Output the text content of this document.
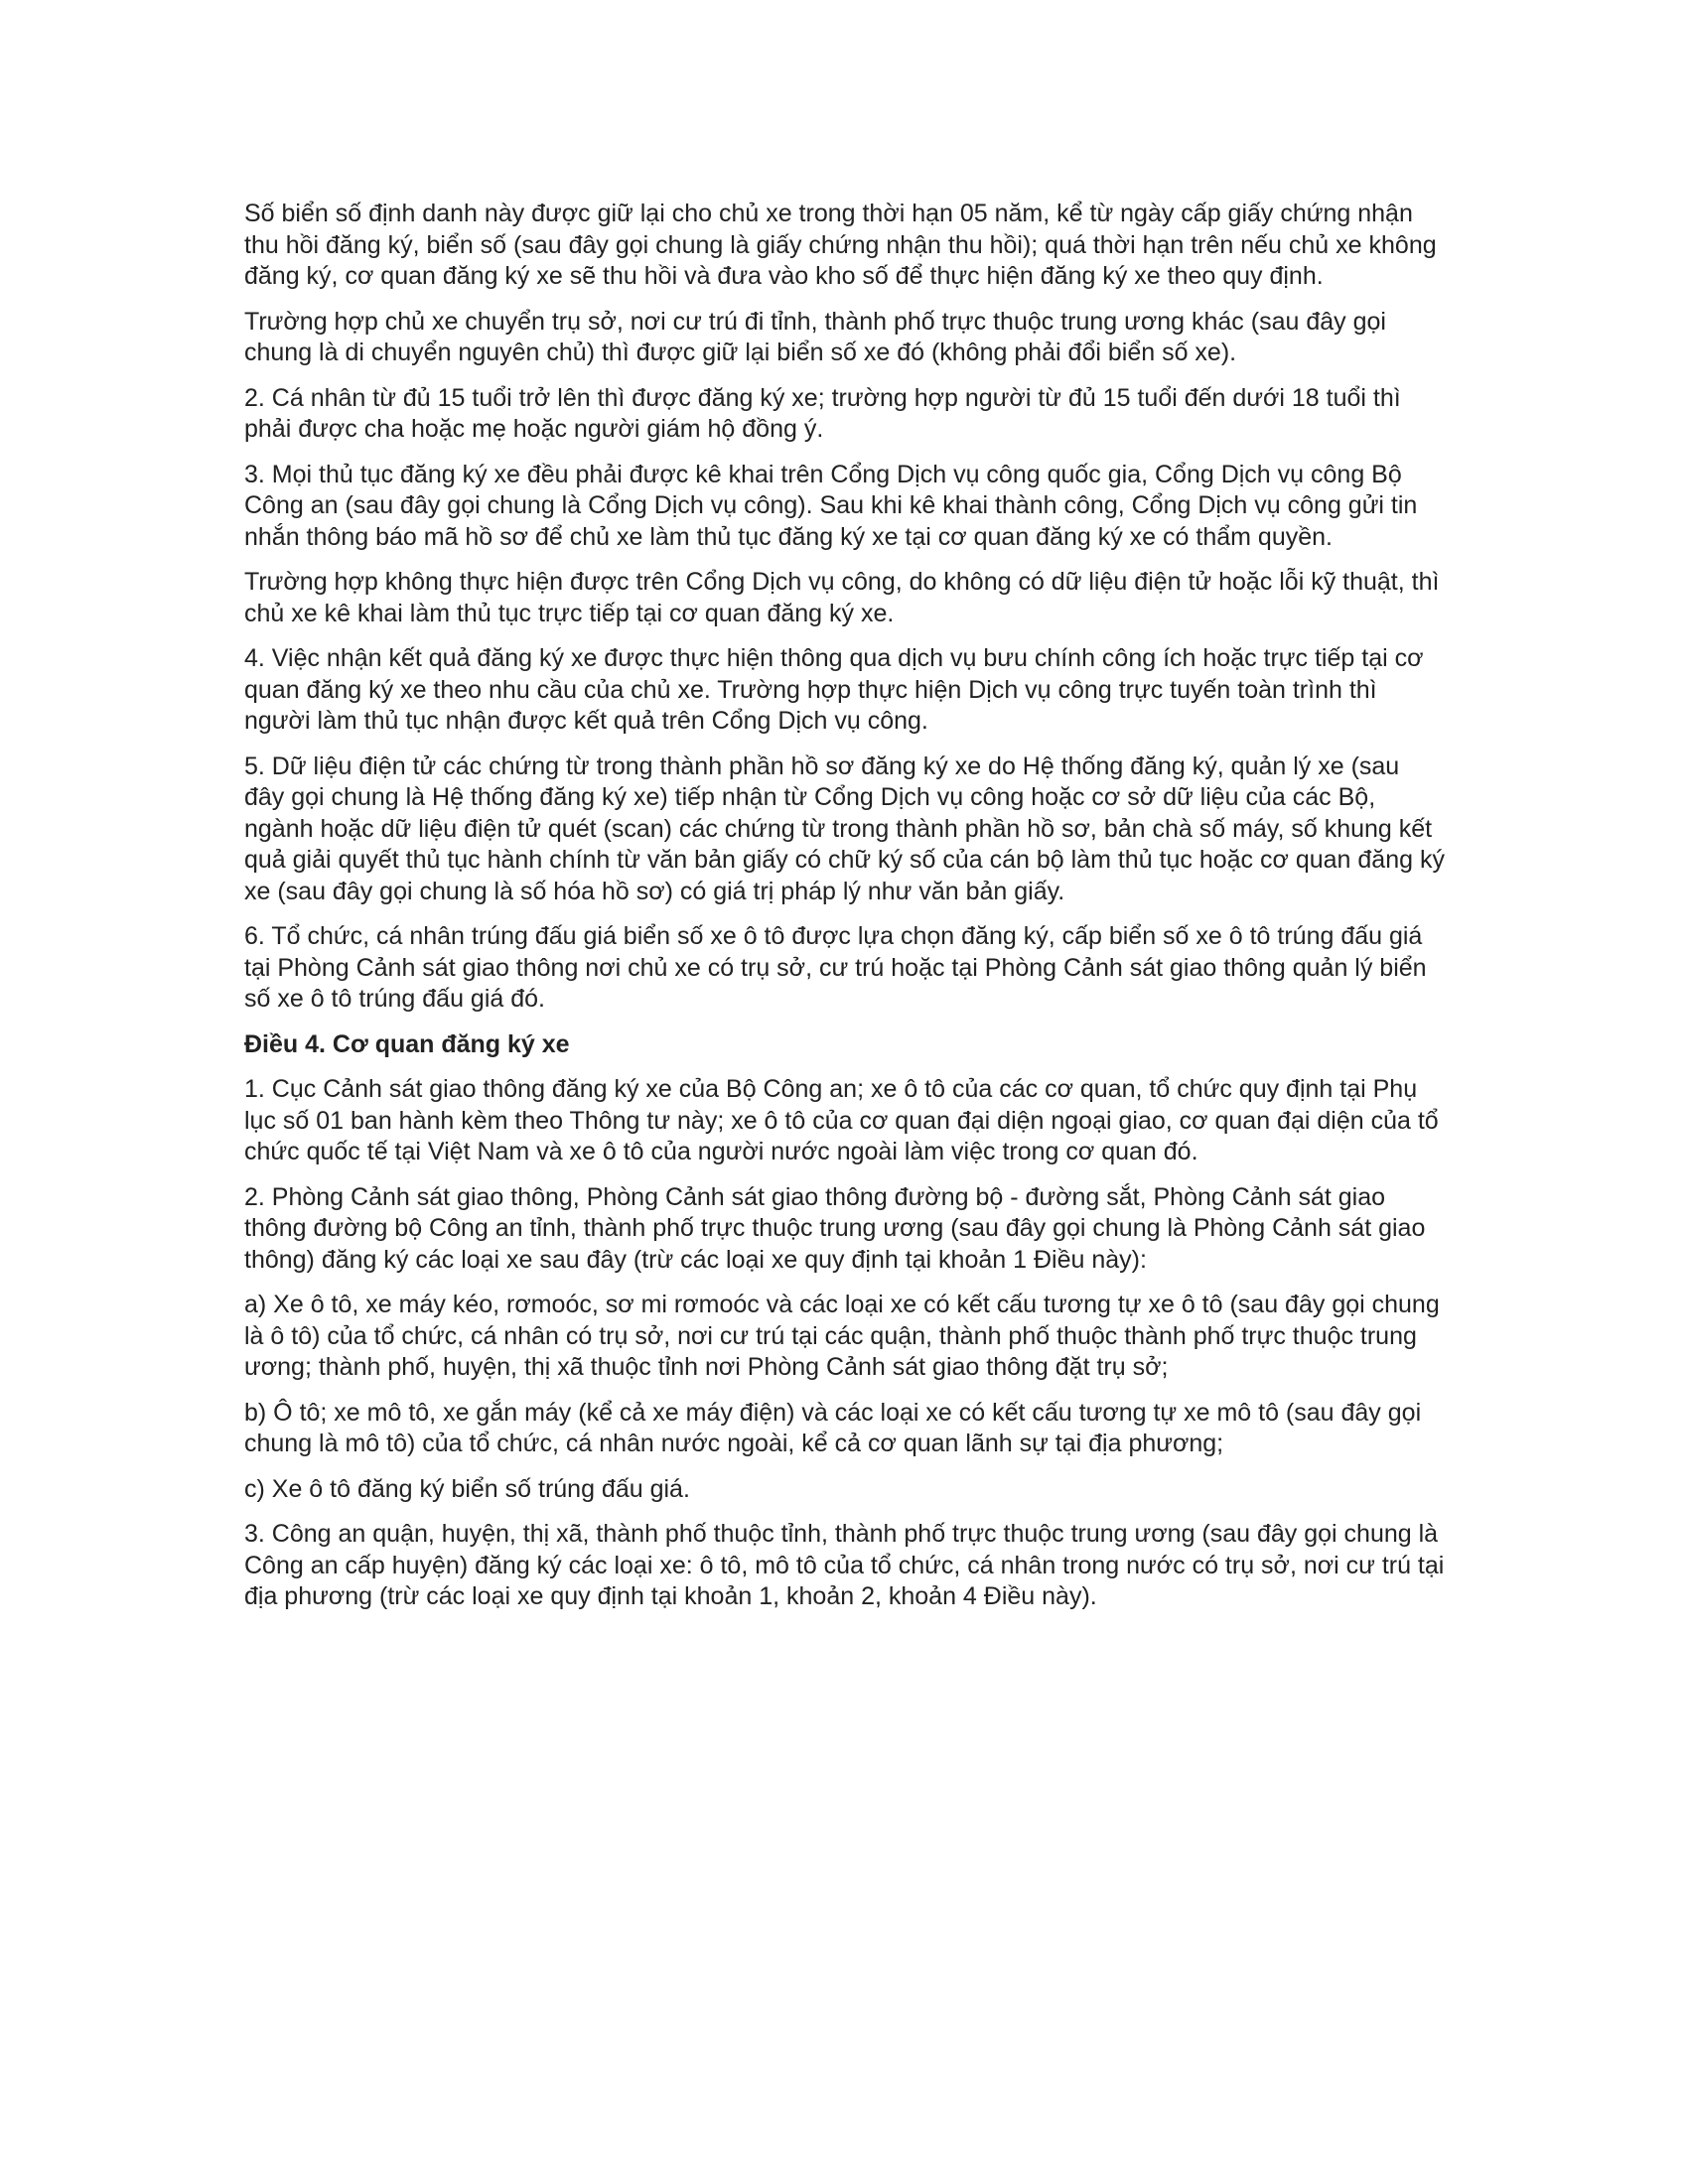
Số biển số định danh này được giữ lại cho chủ xe trong thời hạn 05 năm, kể từ ngày cấp giấy chứng nhận thu hồi đăng ký, biển số (sau đây gọi chung là giấy chứng nhận thu hồi); quá thời hạn trên nếu chủ xe không đăng ký, cơ quan đăng ký xe sẽ thu hồi và đưa vào kho số để thực hiện đăng ký xe theo quy định.

Trường hợp chủ xe chuyển trụ sở, nơi cư trú đi tỉnh, thành phố trực thuộc trung ương khác (sau đây gọi chung là di chuyển nguyên chủ) thì được giữ lại biển số xe đó (không phải đổi biển số xe).

2. Cá nhân từ đủ 15 tuổi trở lên thì được đăng ký xe; trường hợp người từ đủ 15 tuổi đến dưới 18 tuổi thì phải được cha hoặc mẹ hoặc người giám hộ đồng ý.

3. Mọi thủ tục đăng ký xe đều phải được kê khai trên Cổng Dịch vụ công quốc gia, Cổng Dịch vụ công Bộ Công an (sau đây gọi chung là Cổng Dịch vụ công). Sau khi kê khai thành công, Cổng Dịch vụ công gửi tin nhắn thông báo mã hồ sơ để chủ xe làm thủ tục đăng ký xe tại cơ quan đăng ký xe có thẩm quyền.

Trường hợp không thực hiện được trên Cổng Dịch vụ công, do không có dữ liệu điện tử hoặc lỗi kỹ thuật, thì chủ xe kê khai làm thủ tục trực tiếp tại cơ quan đăng ký xe.

4. Việc nhận kết quả đăng ký xe được thực hiện thông qua dịch vụ bưu chính công ích hoặc trực tiếp tại cơ quan đăng ký xe theo nhu cầu của chủ xe. Trường hợp thực hiện Dịch vụ công trực tuyến toàn trình thì người làm thủ tục nhận được kết quả trên Cổng Dịch vụ công.

5. Dữ liệu điện tử các chứng từ trong thành phần hồ sơ đăng ký xe do Hệ thống đăng ký, quản lý xe (sau đây gọi chung là Hệ thống đăng ký xe) tiếp nhận từ Cổng Dịch vụ công hoặc cơ sở dữ liệu của các Bộ, ngành hoặc dữ liệu điện tử quét (scan) các chứng từ trong thành phần hồ sơ, bản chà số máy, số khung kết quả giải quyết thủ tục hành chính từ văn bản giấy có chữ ký số của cán bộ làm thủ tục hoặc cơ quan đăng ký xe (sau đây gọi chung là số hóa hồ sơ) có giá trị pháp lý như văn bản giấy.

6. Tổ chức, cá nhân trúng đấu giá biển số xe ô tô được lựa chọn đăng ký, cấp biển số xe ô tô trúng đấu giá tại Phòng Cảnh sát giao thông nơi chủ xe có trụ sở, cư trú hoặc tại Phòng Cảnh sát giao thông quản lý biển số xe ô tô trúng đấu giá đó.

Điều 4. Cơ quan đăng ký xe

1. Cục Cảnh sát giao thông đăng ký xe của Bộ Công an; xe ô tô của các cơ quan, tổ chức quy định tại Phụ lục số 01 ban hành kèm theo Thông tư này; xe ô tô của cơ quan đại diện ngoại giao, cơ quan đại diện của tổ chức quốc tế tại Việt Nam và xe ô tô của người nước ngoài làm việc trong cơ quan đó.

2. Phòng Cảnh sát giao thông, Phòng Cảnh sát giao thông đường bộ - đường sắt, Phòng Cảnh sát giao thông đường bộ Công an tỉnh, thành phố trực thuộc trung ương (sau đây gọi chung là Phòng Cảnh sát giao thông) đăng ký các loại xe sau đây (trừ các loại xe quy định tại khoản 1 Điều này):

a) Xe ô tô, xe máy kéo, rơmoóc, sơ mi rơmoóc và các loại xe có kết cấu tương tự xe ô tô (sau đây gọi chung là ô tô) của tổ chức, cá nhân có trụ sở, nơi cư trú tại các quận, thành phố thuộc thành phố trực thuộc trung ương; thành phố, huyện, thị xã thuộc tỉnh nơi Phòng Cảnh sát giao thông đặt trụ sở;

b) Ô tô; xe mô tô, xe gắn máy (kể cả xe máy điện) và các loại xe có kết cấu tương tự xe mô tô (sau đây gọi chung là mô tô) của tổ chức, cá nhân nước ngoài, kể cả cơ quan lãnh sự tại địa phương;

c) Xe ô tô đăng ký biển số trúng đấu giá.

3. Công an quận, huyện, thị xã, thành phố thuộc tỉnh, thành phố trực thuộc trung ương (sau đây gọi chung là Công an cấp huyện) đăng ký các loại xe: ô tô, mô tô của tổ chức, cá nhân trong nước có trụ sở, nơi cư trú tại địa phương (trừ các loại xe quy định tại khoản 1, khoản 2, khoản 4 Điều này).
